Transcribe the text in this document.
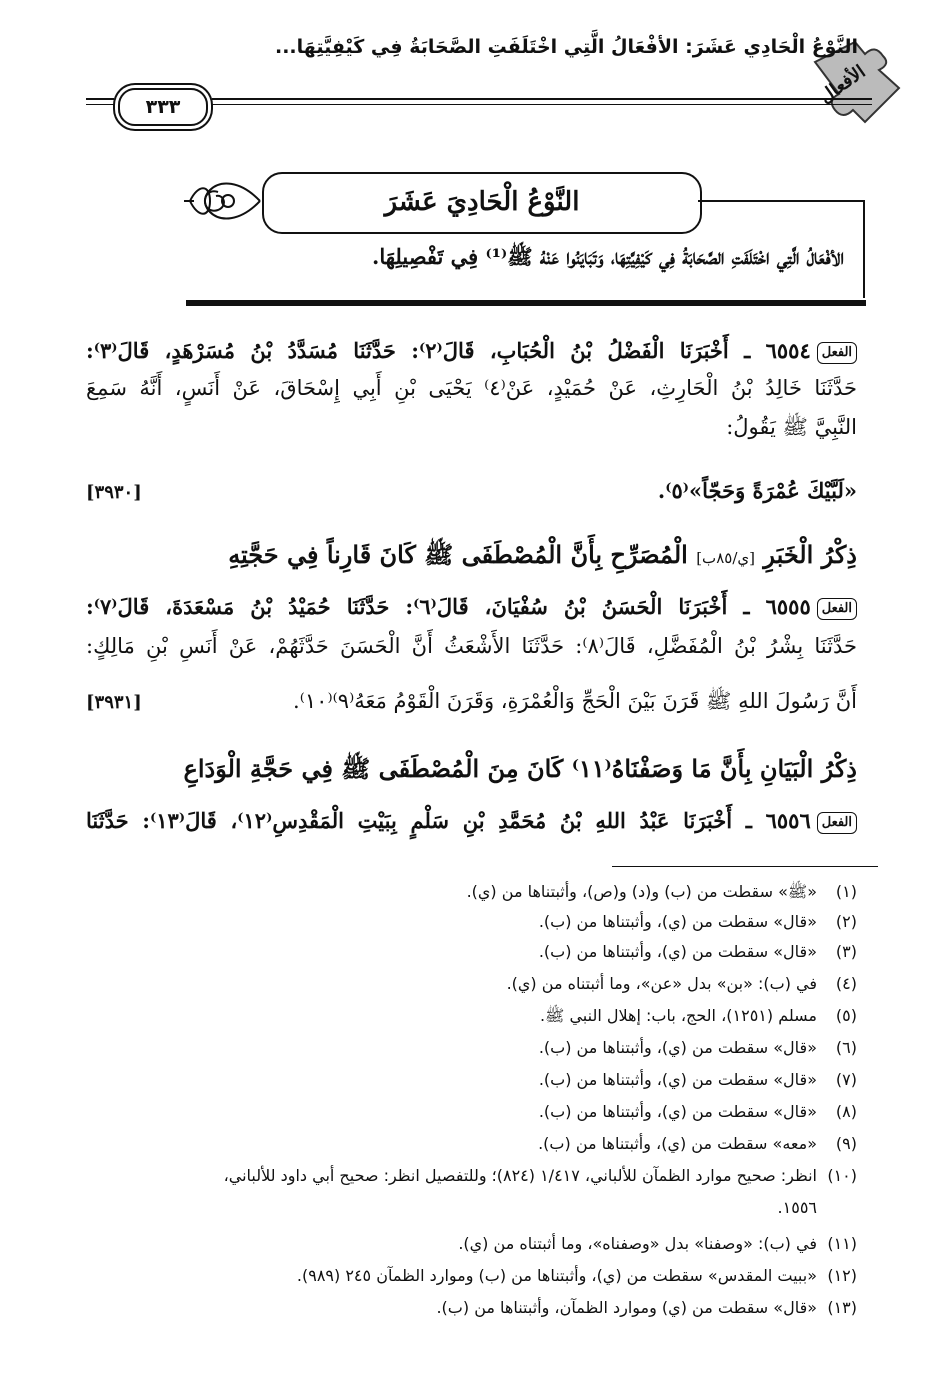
الأفعال
النَّوْعُ الْحَادِي عَشَرَ: الأفْعَالُ الَّتِي اخْتَلَفَتِ الصَّحَابَةُ فِي كَيْفِيَّتِهَا...
٣٣٣
النَّوْعُ الْحَادِيَ عَشَرَ
الأفْعَالُ الَّتِي اخْتَلَفَتِ الصَّحَابَةُ فِي كَيْفِيَّتِهَا، وَتَبَايَنُوا عَنْهُ ﷺ⁽¹⁾ فِي تَفْصِيلِهَا.
الفعل٦٥٥٤ ـ أَخْبَرَنَا الْفَضْلُ بْنُ الْحُبَابِ، قَالَ⁽٢⁾: حَدَّثَنَا مُسَدَّدُ بْنُ مُسَرْهَدٍ، قَالَ⁽٣⁾:
حَدَّثَنَا خَالِدُ بْنُ الْحَارِثِ، عَنْ حُمَيْدٍ، عَنْ⁽٤⁾ يَحْيَى بْنِ أَبِي إِسْحَاقَ، عَنْ أَنَسٍ، أَنَّهُ سَمِعَ
النَّبِيَّ ﷺ يَقُولُ:
«لَبَّيْكَ عُمْرَةً وَحَجّاً»⁽٥⁾.
[٣٩٣٠]
ذِكْرُ الْخَبَرِ [ي/٨٥ب] الْمُصَرِّحِ بِأَنَّ الْمُصْطَفَى ﷺ كَانَ قَارِناً فِي حَجَّتِهِ
الفعل٦٥٥٥ ـ أَخْبَرَنَا الْحَسَنُ بْنُ سُفْيَانَ، قَالَ⁽٦⁾: حَدَّثَنَا حُمَيْدُ بْنُ مَسْعَدَةَ، قَالَ⁽٧⁾:
حَدَّثَنَا بِشْرُ بْنُ الْمُفَضَّلِ، قَالَ⁽٨⁾: حَدَّثَنَا الأَشْعَثُ أَنَّ الْحَسَنَ حَدَّثَهُمْ، عَنْ أَنَسِ بْنِ مَالِكٍ:
أَنَّ رَسُولَ اللهِ ﷺ قَرَنَ بَيْنَ الْحَجِّ وَالْعُمْرَةِ، وَقَرَنَ الْقَوْمُ مَعَهُ⁽٩⁾⁽١٠⁾.
[٣٩٣١]
ذِكْرُ الْبَيَانِ بِأَنَّ مَا وَصَفْنَاهُ⁽١١⁾ كَانَ مِنَ الْمُصْطَفَى ﷺ فِي حَجَّةِ الْوَدَاعِ
الفعل٦٥٥٦ ـ أَخْبَرَنَا عَبْدُ اللهِ بْنُ مُحَمَّدِ بْنِ سَلْمٍ بِبَيْتِ الْمَقْدِسِ⁽١٢⁾، قَالَ⁽١٣⁾: حَدَّثَنَا
(١)«ﷺ» سقطت من (ب) و(د) و(ص)، وأثبتناها من (ي).
(٢)«قال» سقطت من (ي)، وأثبتناها من (ب).
(٣)«قال» سقطت من (ي)، وأثبتناها من (ب).
(٤)في (ب): «بن» بدل «عن»، وما أثبتناه من (ي).
(٥)مسلم (١٢٥١)، الحج، باب: إهلال النبي ﷺ.
(٦)«قال» سقطت من (ي)، وأثبتناها من (ب).
(٧)«قال» سقطت من (ي)، وأثبتناها من (ب).
(٨)«قال» سقطت من (ي)، وأثبتناها من (ب).
(٩)«معه» سقطت من (ي)، وأثبتناها من (ب).
(١٠)انظر: صحيح موارد الظمآن للألباني، ١/٤١٧ (٨٢٤)؛ وللتفصيل انظر: صحيح أبي داود للألباني،
١٥٥٦.
(١١)في (ب): «وصفنا» بدل «وصفناه»، وما أثبتناه من (ي).
(١٢)«ببيت المقدس» سقطت من (ي)، وأثبتناها من (ب) وموارد الظمآن ٢٤٥ (٩٨٩).
(١٣)«قال» سقطت من (ي) وموارد الظمآن، وأثبتناها من (ب).
